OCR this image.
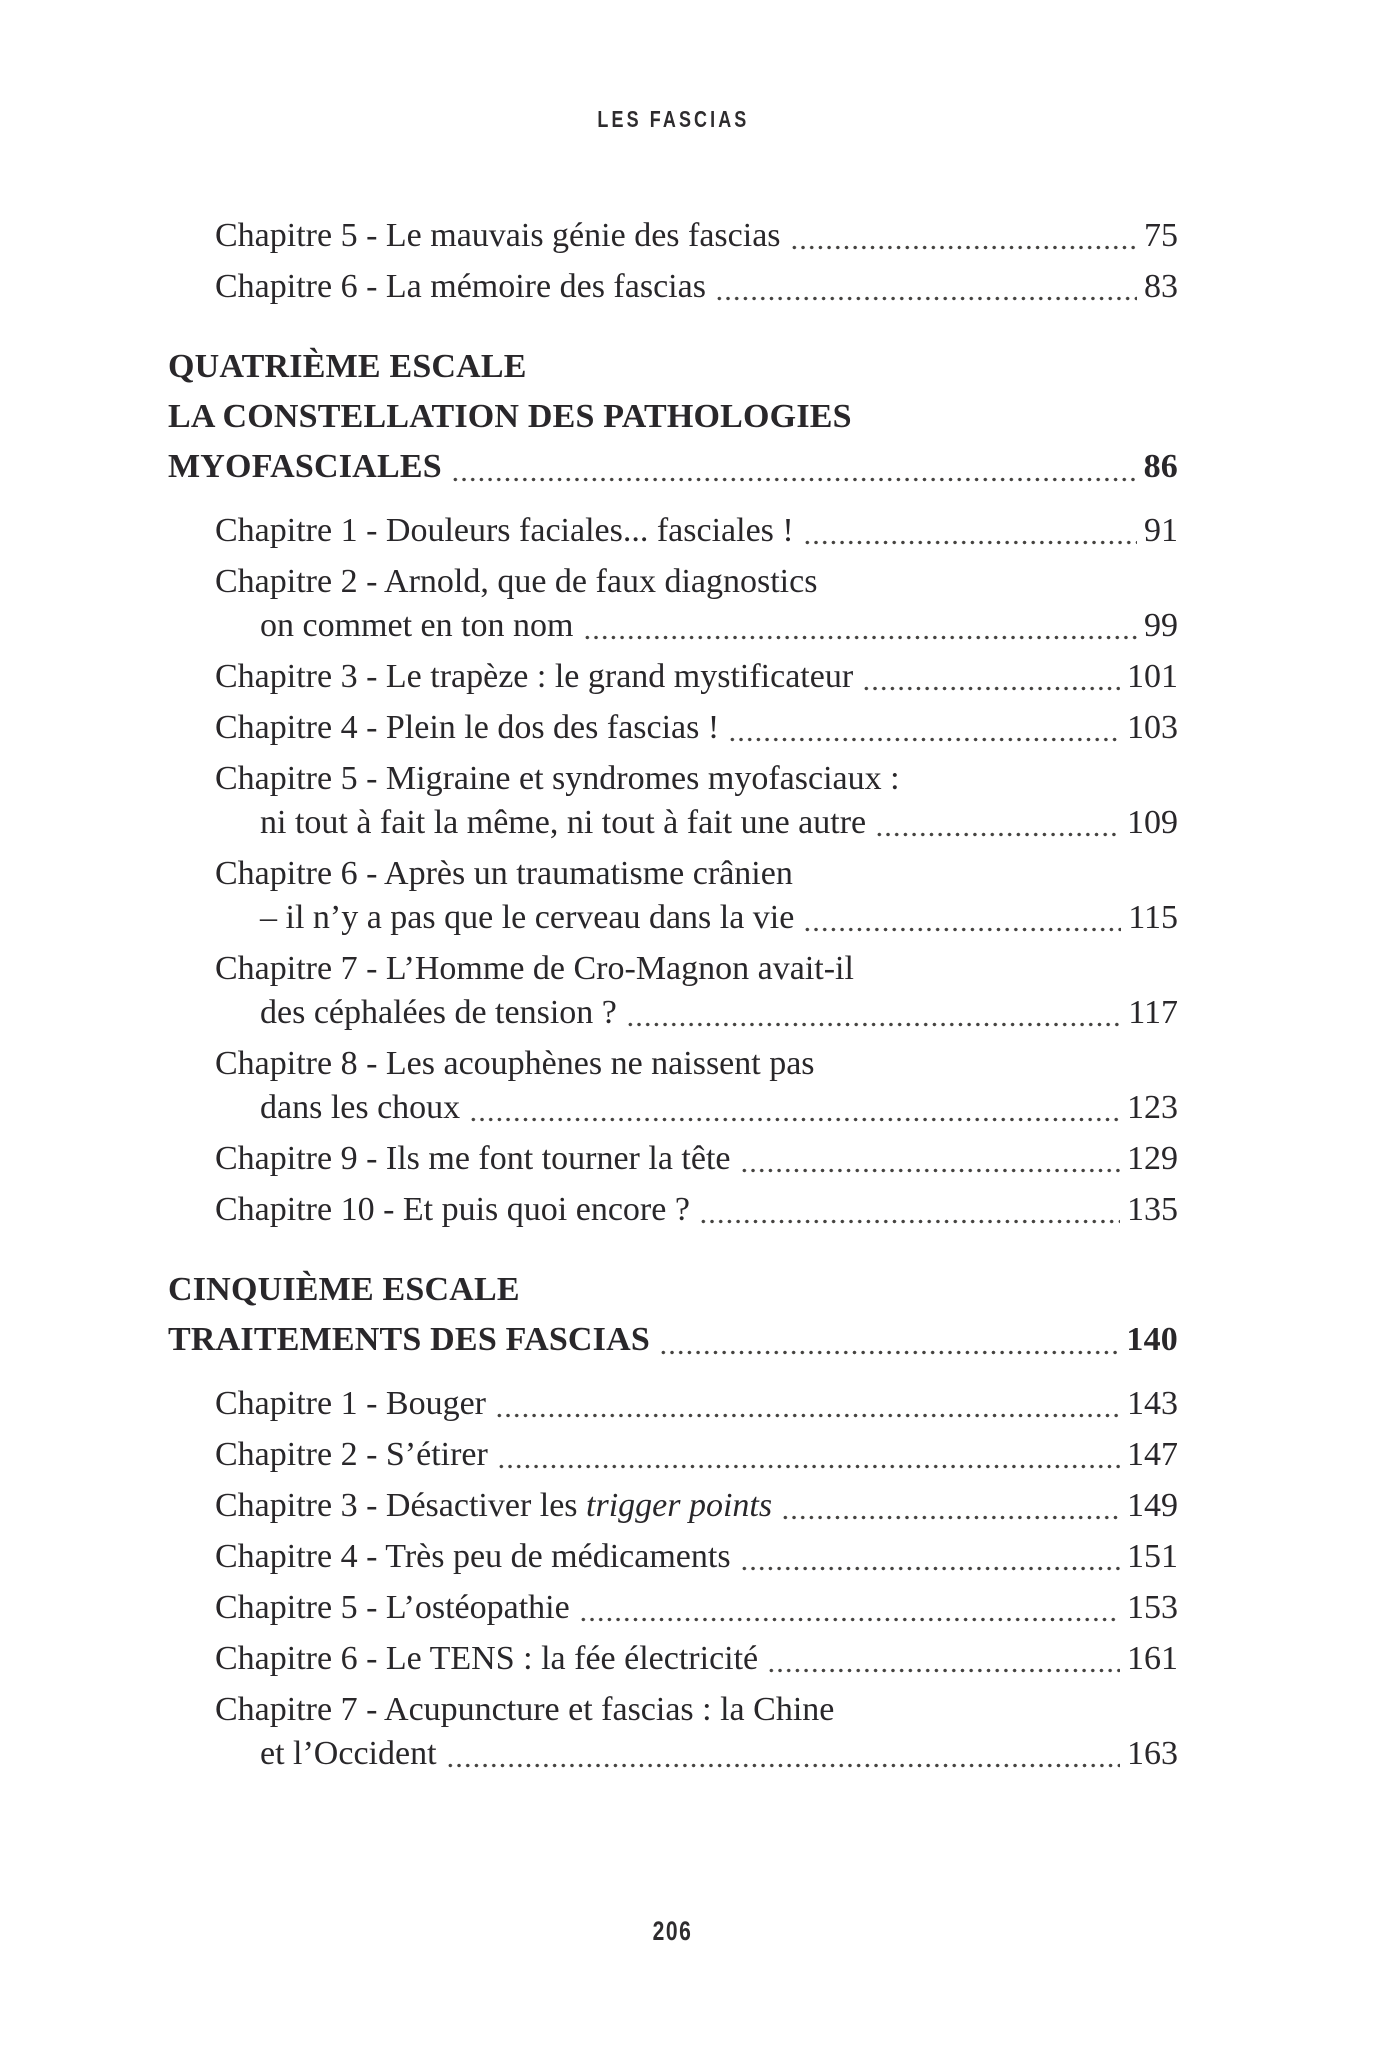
LES FASCIAS
Chapitre 5 - Le mauvais génie des fascias	75
Chapitre 6 - La mémoire des fascias	83
QUATRIÈME ESCALE
LA CONSTELLATION DES PATHOLOGIES
MYOFASCIALES	86
Chapitre 1 - Douleurs faciales... fasciales !	91
Chapitre 2 - Arnold, que de faux diagnostics
on commet en ton nom	99
Chapitre 3 - Le trapèze : le grand mystificateur	101
Chapitre 4 - Plein le dos des fascias !	103
Chapitre 5 - Migraine et syndromes myofasciaux :
ni tout à fait la même, ni tout à fait une autre	109
Chapitre 6 - Après un traumatisme crânien
– il n’y a pas que le cerveau dans la vie	115
Chapitre 7 - L’Homme de Cro-Magnon avait-il
des céphalées de tension ?	117
Chapitre 8 - Les acouphènes ne naissent pas
dans les choux	123
Chapitre 9 - Ils me font tourner la tête	129
Chapitre 10 - Et puis quoi encore ?	135
CINQUIÈME ESCALE
TRAITEMENTS DES FASCIAS	140
Chapitre 1 - Bouger	143
Chapitre 2 - S’étirer	147
Chapitre 3 - Désactiver les trigger points	149
Chapitre 4 - Très peu de médicaments	151
Chapitre 5 - L’ostéopathie	153
Chapitre 6 - Le TENS : la fée électricité	161
Chapitre 7 - Acupuncture et fascias : la Chine
et l’Occident	163
206
